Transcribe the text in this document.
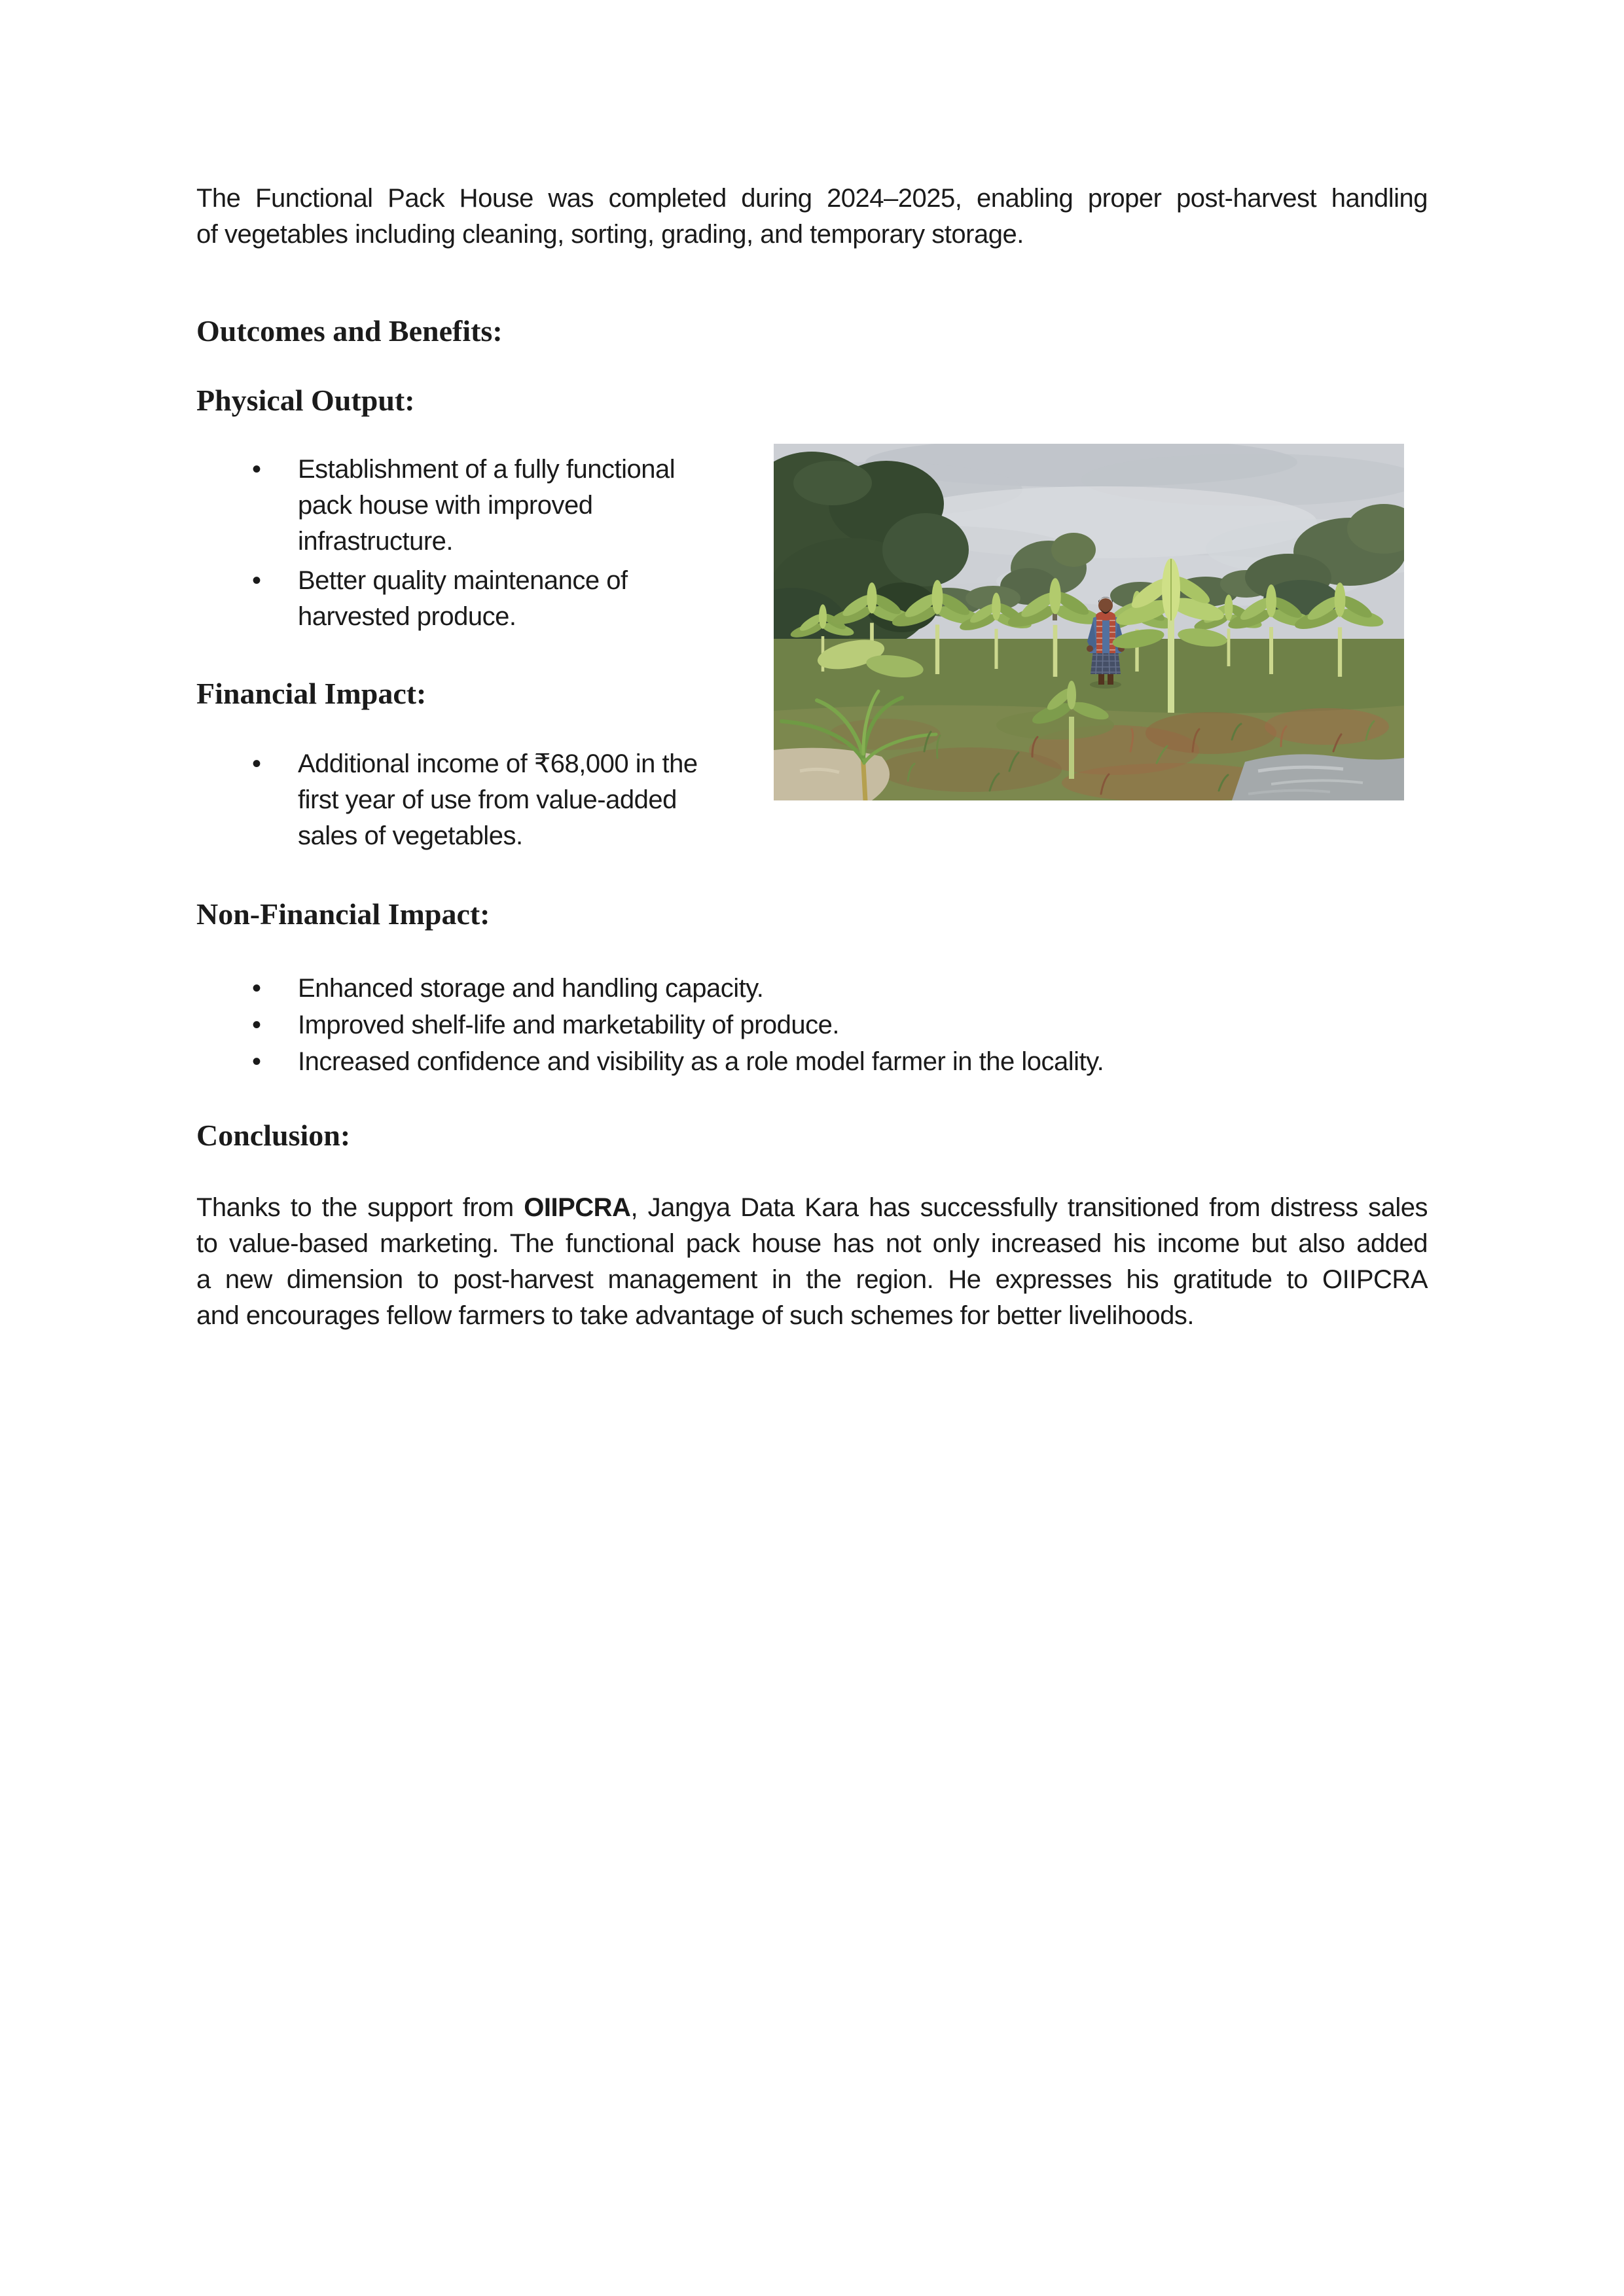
The Functional Pack House was completed during 2024–2025, enabling proper post-harvest handling
of vegetables including cleaning, sorting, grading, and temporary storage.

Outcomes and Benefits:
Physical Output:
• Establishment of a fully functional
pack house with improved
infrastructure.
• Better quality maintenance of
harvested produce.
Financial Impact:
• Additional income of ₹68,000 in the
first year of use from value-added
sales of vegetables.
Non-Financial Impact:
• Enhanced storage and handling capacity.
• Improved shelf-life and marketability of produce.
• Increased confidence and visibility as a role model farmer in the locality.
Conclusion:

Thanks to the support from OIIPCRA, Jangya Data Kara has successfully transitioned from distress sales
to value-based marketing. The functional pack house has not only increased his income but also added
a new dimension to post-harvest management in the region. He expresses his gratitude to OIIPCRA
and encourages fellow farmers to take advantage of such schemes for better livelihoods.
